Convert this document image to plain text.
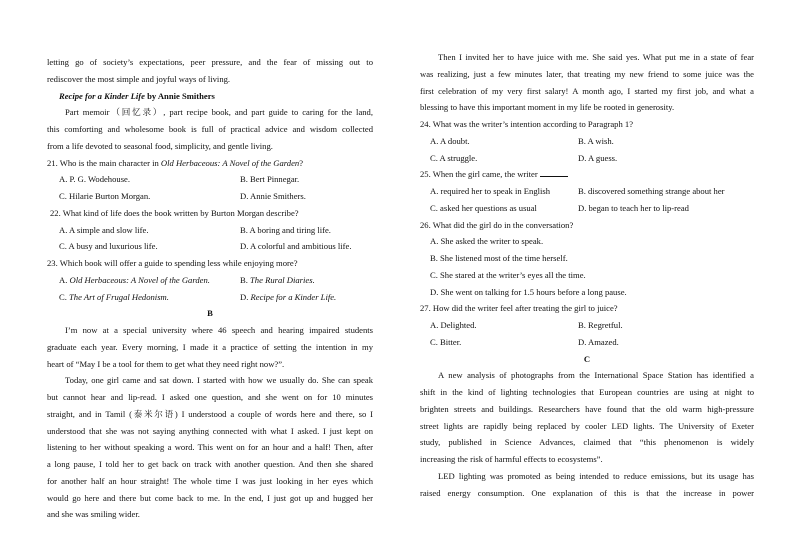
letting go of society’s expectations, peer pressure, and the fear of missing out to

rediscover the most simple and joyful ways of living.

Recipe for a Kinder Life by Annie Smithers

Part memoir（回忆录）, part recipe book, and part guide to caring for the land,

this comforting and wholesome book is full of practical advice and wisdom collected

from a life devoted to seasonal food, simplicity, and gentle living.

21. Who is the main character in Old Herbaceous: A Novel of the Garden?

A. P. G. Wodehouse.	B. Bert Pinnegar.
C. Hilarie Burton Morgan.	D. Annie Smithers.

22. What kind of life does the book written by Burton Morgan describe?

A. A simple and slow life.	B. A boring and tiring life.
C. A busy and luxurious life.	D. A colorful and ambitious life.

23. Which book will offer a guide to spending less while enjoying more?

A. Old Herbaceous: A Novel of the Garden.	B. The Rural Diaries.
C. The Art of Frugal Hedonism.	D. Recipe for a Kinder Life.

B

I’m now at a special university where 46 speech and hearing impaired students

graduate each year. Every morning, I made it a practice of setting the intention in my

heart of “May I be a tool for them to get what they need right now?”.

Today, one girl came and sat down. I started with how we usually do. She can speak

but cannot hear and lip-read. I asked one question, and she went on for 10 minutes

straight, and in Tamil (泰米尔语) I understood a couple of words here and there, so I

understood that she was not saying anything connected with what I asked. I just kept on

listening to her without speaking a word. This went on for an hour and a half! Then, after

a long pause, I told her to get back on track with another question. And then she shared

for another half an hour straight! The whole time I was just looking in her eyes which

would go here and there but come back to me. In the end, I just got up and hugged her

and she was smiling wider.

Then I invited her to have juice with me. She said yes. What put me in a state of fear

was realizing, just a few minutes later, that treating my new friend to some juice was the

first celebration of my very first salary! A month ago, I started my first job, and what a

blessing to have this important moment in my life be rooted in generosity.

24. What was the writer’s intention according to Paragraph 1?

A. A doubt.	B. A wish.
C. A struggle.	D. A guess.

25. When the girl came, the writer

A. required her to speak in English	B. discovered something strange about her
C. asked her questions as usual	D. began to teach her to lip-read

26. What did the girl do in the conversation?

A. She asked the writer to speak.

B. She listened most of the time herself.

C. She stared at the writer’s eyes all the time.

D. She went on talking for 1.5 hours before a long pause.

27. How did the writer feel after treating the girl to juice?

A. Delighted.	B. Regretful.
C. Bitter.	D. Amazed.

C

A new analysis of photographs from the International Space Station has identified a

shift in the kind of lighting technologies that European countries are using at night to

brighten streets and buildings. Researchers have found that the old warm high-pressure

street lights are rapidly being replaced by cooler LED lights. The University of Exeter

study, published in Science Advances, claimed that “this phenomenon is widely

increasing the risk of harmful effects to ecosystems”.

LED lighting was promoted as being intended to reduce emissions, but its usage has

raised energy consumption. One explanation of this is that the increase in power
